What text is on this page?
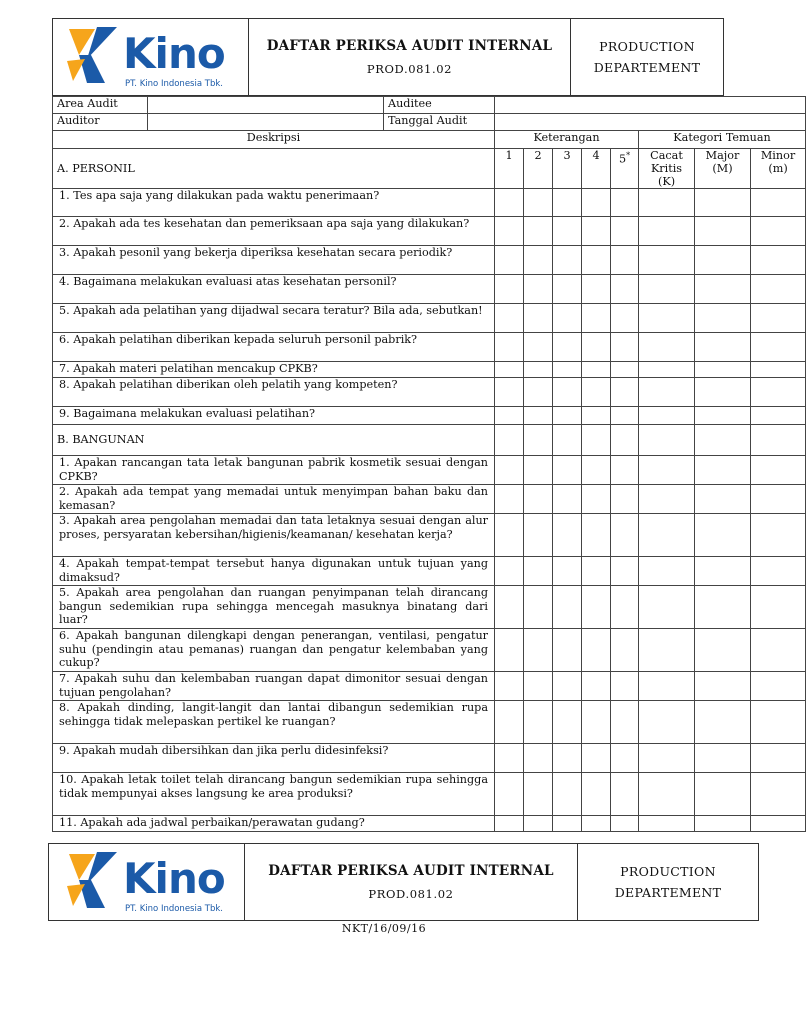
Kino
PT. Kino Indonesia Tbk.
DAFTAR PERIKSA AUDIT INTERNAL
PROD.081.02
PRODUCTION
DEPARTEMENT
Area Audit		Auditee								
Auditor		Tanggal Audit								
Deskripsi			Keterangan					Kategori Temuan		
A. PERSONIL			1	2	3	4	5*	Cacat Kritis (K)	Major (M)	Minor (m)
1. Tes apa saja yang dilakukan pada waktu penerimaan?										
2. Apakah ada tes kesehatan dan pemeriksaan apa saja yang dilakukan?										
3. Apakah pesonil yang bekerja diperiksa kesehatan secara periodik?										
4. Bagaimana melakukan evaluasi atas kesehatan personil?										
5. Apakah ada pelatihan yang dijadwal secara teratur? Bila ada, sebutkan!										
6. Apakah pelatihan diberikan kepada seluruh personil pabrik?										
7. Apakah materi pelatihan mencakup CPKB?										
8. Apakah pelatihan diberikan oleh pelatih yang kompeten?										
9. Bagaimana melakukan evaluasi pelatihan?										
B. BANGUNAN										
1. Apakan rancangan tata letak bangunan pabrik kosmetik sesuai dengan CPKB?										
2. Apakah ada tempat yang memadai untuk menyimpan bahan baku dan kemasan?										
3. Apakah area pengolahan memadai dan tata letaknya sesuai dengan alur proses, persyaratan kebersihan/higienis/keamanan/ kesehatan kerja?										
4. Apakah tempat-tempat tersebut hanya digunakan untuk tujuan yang dimaksud?										
5. Apakah area pengolahan dan ruangan penyimpanan telah dirancang bangun sedemikian rupa sehingga mencegah masuknya binatang dari luar?										
6. Apakah bangunan dilengkapi dengan penerangan, ventilasi, pengatur suhu (pendingin atau pemanas) ruangan dan pengatur kelembaban yang cukup?										
7. Apakah suhu dan kelembaban ruangan dapat dimonitor sesuai dengan tujuan pengolahan?										
8. Apakah dinding, langit-langit dan lantai dibangun sedemikian rupa sehingga tidak melepaskan pertikel ke ruangan?										
9. Apakah mudah dibersihkan dan jika perlu didesinfeksi?										
10. Apakah letak toilet telah dirancang bangun sedemikian rupa sehingga tidak mempunyai akses langsung ke area produksi?										
11. Apakah ada jadwal perbaikan/perawatan gudang?										
Kino
PT. Kino Indonesia Tbk.
DAFTAR PERIKSA AUDIT INTERNAL
PROD.081.02
PRODUCTION
DEPARTEMENT
NKT/16/09/16
